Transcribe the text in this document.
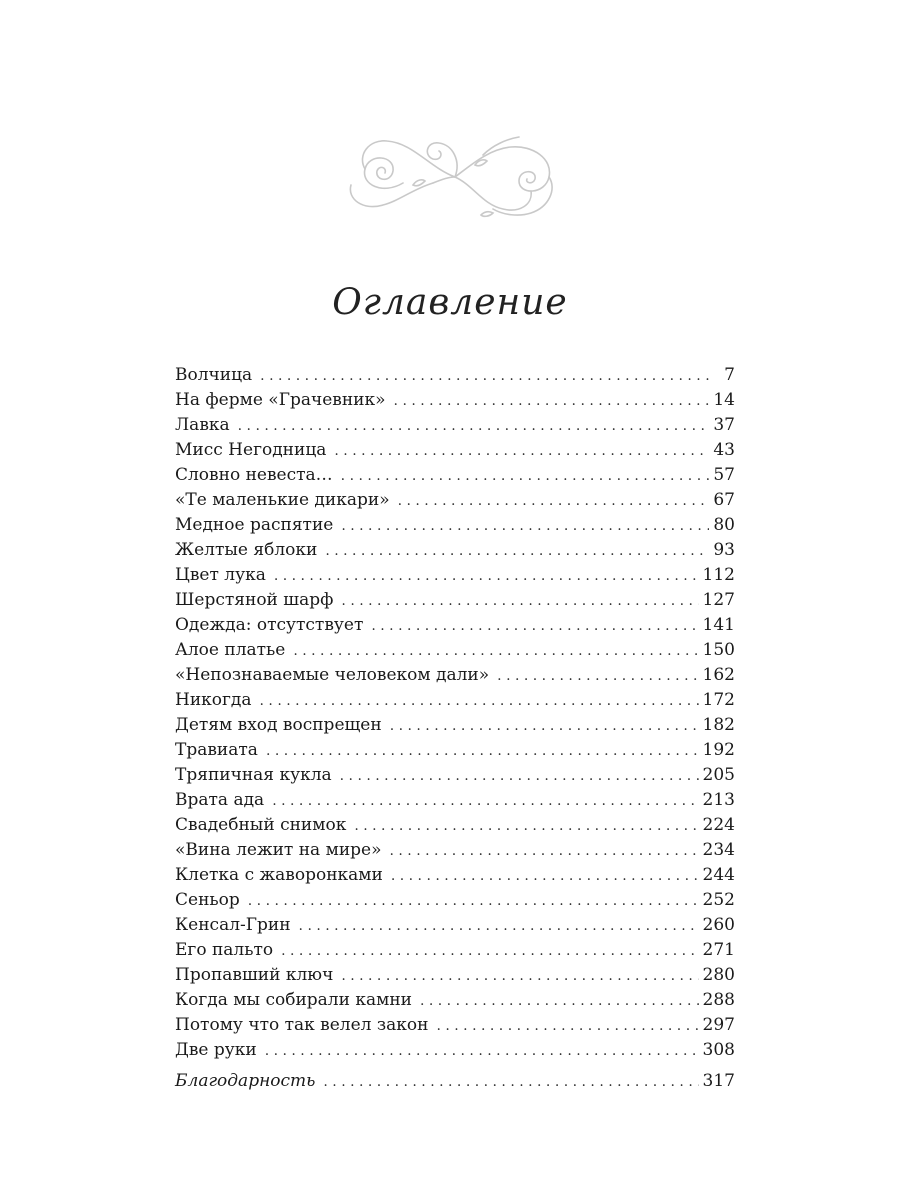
Оглавление
Волчица . . .	7
На ферме «Грачевник» . . .	14
Лавка . . .	37
Мисс Негодница . . .	43
Словно невеста… . . .	57
«Те маленькие дикари» . . .	67
Медное распятие . . .	80
Желтые яблоки . . .	93
Цвет лука . . .	112
Шерстяной шарф . . .	127
Одежда: отсутствует . . .	141
Алое платье . . .	150
«Непознаваемые человеком дали» . . .	162
Никогда . . .	172
Детям вход воспрещен . . .	182
Травиата . . .	192
Тряпичная кукла . . .	205
Врата ада . . .	213
Свадебный снимок . . .	224
«Вина лежит на мире» . . .	234
Клетка с жаворонками . . .	244
Сеньор . . .	252
Кенсал-Грин . . .	260
Его пальто . . .	271
Пропавший ключ . . .	280
Когда мы собирали камни . . .	288
Потому что так велел закон . . .	297
Две руки . . .	308
Благодарность . . .	317
